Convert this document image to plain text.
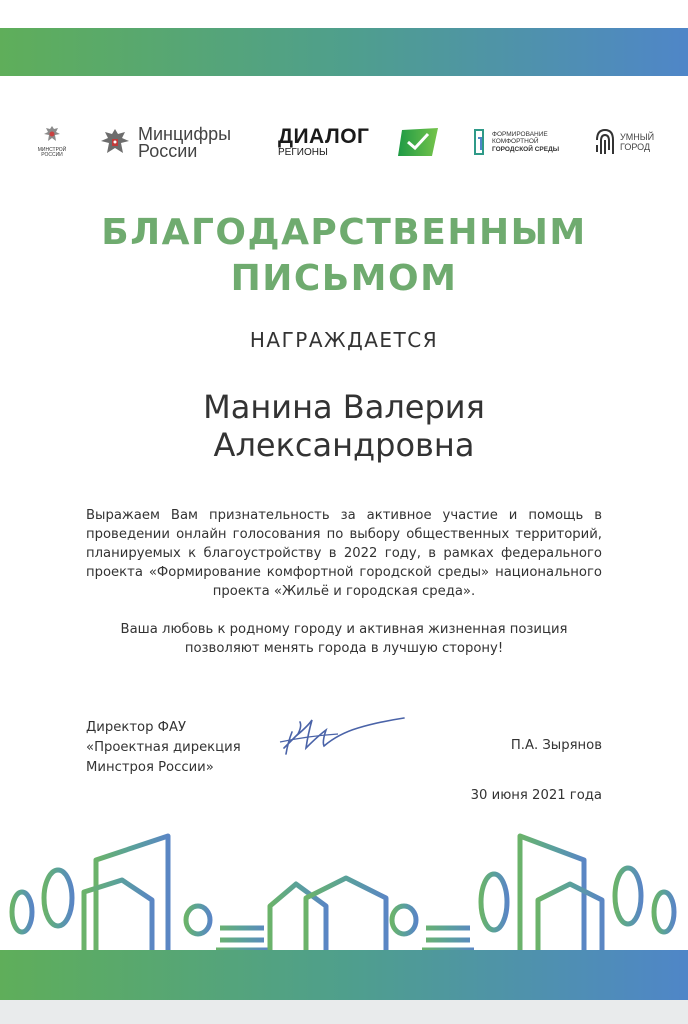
МИНСТРОЙ РОССИИ
Минцифры
России
ДИАЛОГ
РЕГИОНЫ
ФОРМИРОВАНИЕ
КОМФОРТНОЙ
ГОРОДСКОЙ СРЕДЫ
УМНЫЙ
ГОРОД
БЛАГОДАРСТВЕННЫМ
ПИСЬМОМ
НАГРАЖДАЕТСЯ
Манина Валерия
Александровна
Выражаем Вам признательность за активное участие и помощь в проведении онлайн голосования по выбору общественных территорий, планируемых к благоустройству в 2022 году, в рамках федерального проекта «Формирование комфортной городской среды» национального проекта «Жильё и городская среда».
Ваша любовь к родному городу и активная жизненная позиция позволяют менять города в лучшую сторону!
Директор ФАУ
«Проектная дирекция
Минстроя России»
П.А. Зырянов
30 июня 2021 года
